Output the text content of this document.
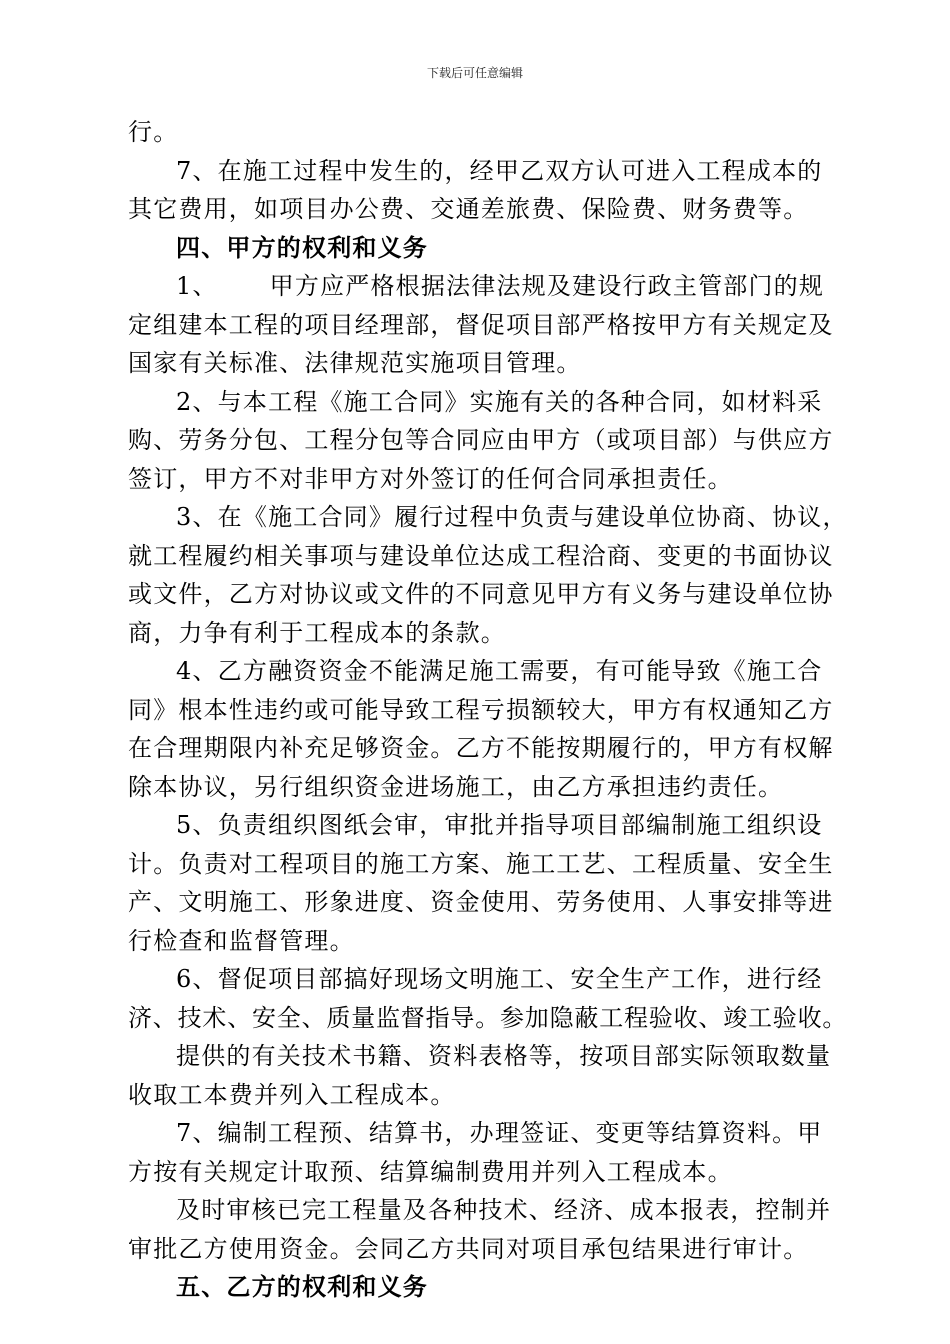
下载后可任意编辑
行。
7、在施工过程中发生的，经甲乙双方认可进入工程成本的
其它费用，如项目办公费、交通差旅费、保险费、财务费等。
四、甲方的权利和义务
1、 甲方应严格根据法律法规及建设行政主管部门的规
定组建本工程的项目经理部，督促项目部严格按甲方有关规定及
国家有关标准、法律规范实施项目管理。
2、与本工程《施工合同》实施有关的各种合同，如材料采
购、劳务分包、工程分包等合同应由甲方（或项目部）与供应方
签订，甲方不对非甲方对外签订的任何合同承担责任。
3、在《施工合同》履行过程中负责与建设单位协商、协议，
就工程履约相关事项与建设单位达成工程洽商、变更的书面协议
或文件，乙方对协议或文件的不同意见甲方有义务与建设单位协
商，力争有利于工程成本的条款。
4、乙方融资资金不能满足施工需要，有可能导致《施工合
同》根本性违约或可能导致工程亏损额较大，甲方有权通知乙方
在合理期限内补充足够资金。乙方不能按期履行的，甲方有权解
除本协议，另行组织资金进场施工，由乙方承担违约责任。
5、负责组织图纸会审，审批并指导项目部编制施工组织设
计。负责对工程项目的施工方案、施工工艺、工程质量、安全生
产、文明施工、形象进度、资金使用、劳务使用、人事安排等进
行检查和监督管理。
6、督促项目部搞好现场文明施工、安全生产工作，进行经
济、技术、安全、质量监督指导。参加隐蔽工程验收、竣工验收。
提供的有关技术书籍、资料表格等，按项目部实际领取数量
收取工本费并列入工程成本。
7、编制工程预、结算书，办理签证、变更等结算资料。甲
方按有关规定计取预、结算编制费用并列入工程成本。
及时审核已完工程量及各种技术、经济、成本报表，控制并
审批乙方使用资金。会同乙方共同对项目承包结果进行审计。
五、乙方的权利和义务
